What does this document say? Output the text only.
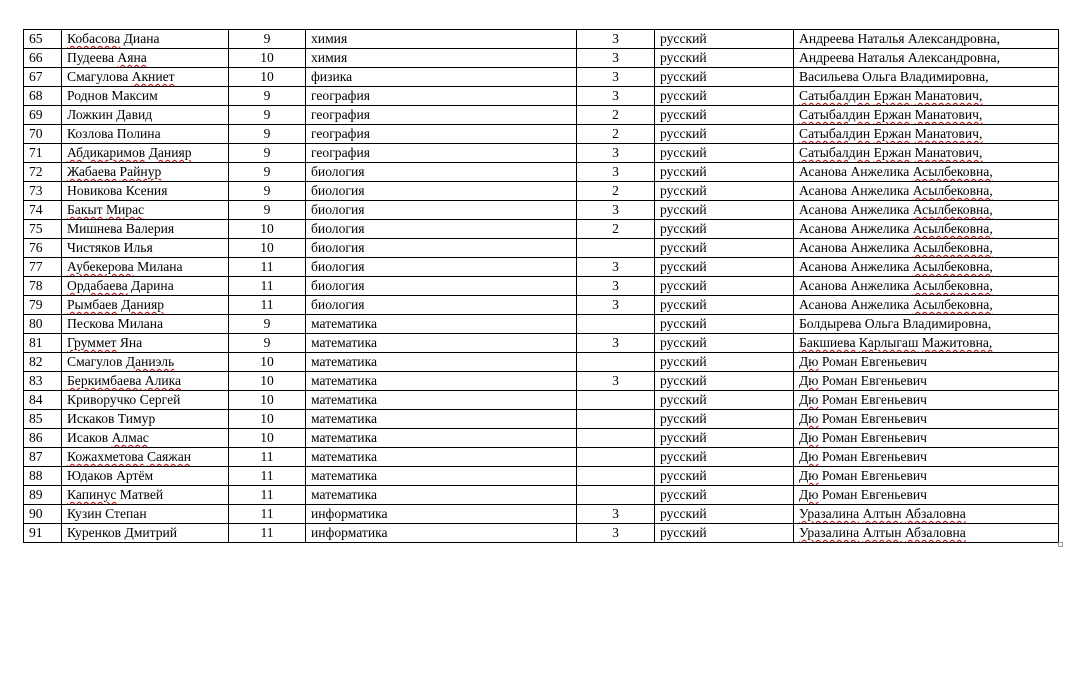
65	Кобасова Диана	9	химия	3	русский	Андреева Наталья Александровна,
66	Пудеева Аяна	10	химия	3	русский	Андреева Наталья Александровна,
67	Смагулова Акниет	10	физика	3	русский	Васильева Ольга Владимировна,
68	Роднов Максим	9	география	3	русский	Сатыбалдин Ержан Манатович,
69	Ложкин Давид	9	география	2	русский	Сатыбалдин Ержан Манатович,
70	Козлова Полина	9	география	2	русский	Сатыбалдин Ержан Манатович,
71	Абдикаримов Данияр	9	география	3	русский	Сатыбалдин Ержан Манатович,
72	Жабаева Райнур	9	биология	3	русский	Асанова Анжелика Асылбековна,
73	Новикова Ксения	9	биология	2	русский	Асанова Анжелика Асылбековна,
74	Бакыт Мирас	9	биология	3	русский	Асанова Анжелика Асылбековна,
75	Мишнева Валерия	10	биология	2	русский	Асанова Анжелика Асылбековна,
76	Чистяков Илья	10	биология		русский	Асанова Анжелика Асылбековна,
77	Аубекерова Милана	11	биология	3	русский	Асанова Анжелика Асылбековна,
78	Ордабаева Дарина	11	биология	3	русский	Асанова Анжелика Асылбековна,
79	Рымбаев Данияр	11	биология	3	русский	Асанова Анжелика Асылбековна,
80	Пескова Милана	9	математика		русский	Болдырева Ольга Владимировна,
81	Груммет Яна	9	математика	3	русский	Бакшиева Карлыгаш Мажитовна,
82	Смагулов Даниэль	10	математика		русский	Дю Роман Евгеньевич
83	Беркимбаева Алика	10	математика	3	русский	Дю Роман Евгеньевич
84	Криворучко Сергей	10	математика		русский	Дю Роман Евгеньевич
85	Искаков Тимур	10	математика		русский	Дю Роман Евгеньевич
86	Исаков Алмас	10	математика		русский	Дю Роман Евгеньевич
87	Кожахметова Саяжан	11	математика		русский	Дю Роман Евгеньевич
88	Юдаков Артём	11	математика		русский	Дю Роман Евгеньевич
89	Капинус Матвей	11	математика		русский	Дю Роман Евгеньевич
90	Кузин Степан	11	информатика	3	русский	Уразалина Алтын Абзаловна
91	Куренков Дмитрий	11	информатика	3	русский	Уразалина Алтын Абзаловна
